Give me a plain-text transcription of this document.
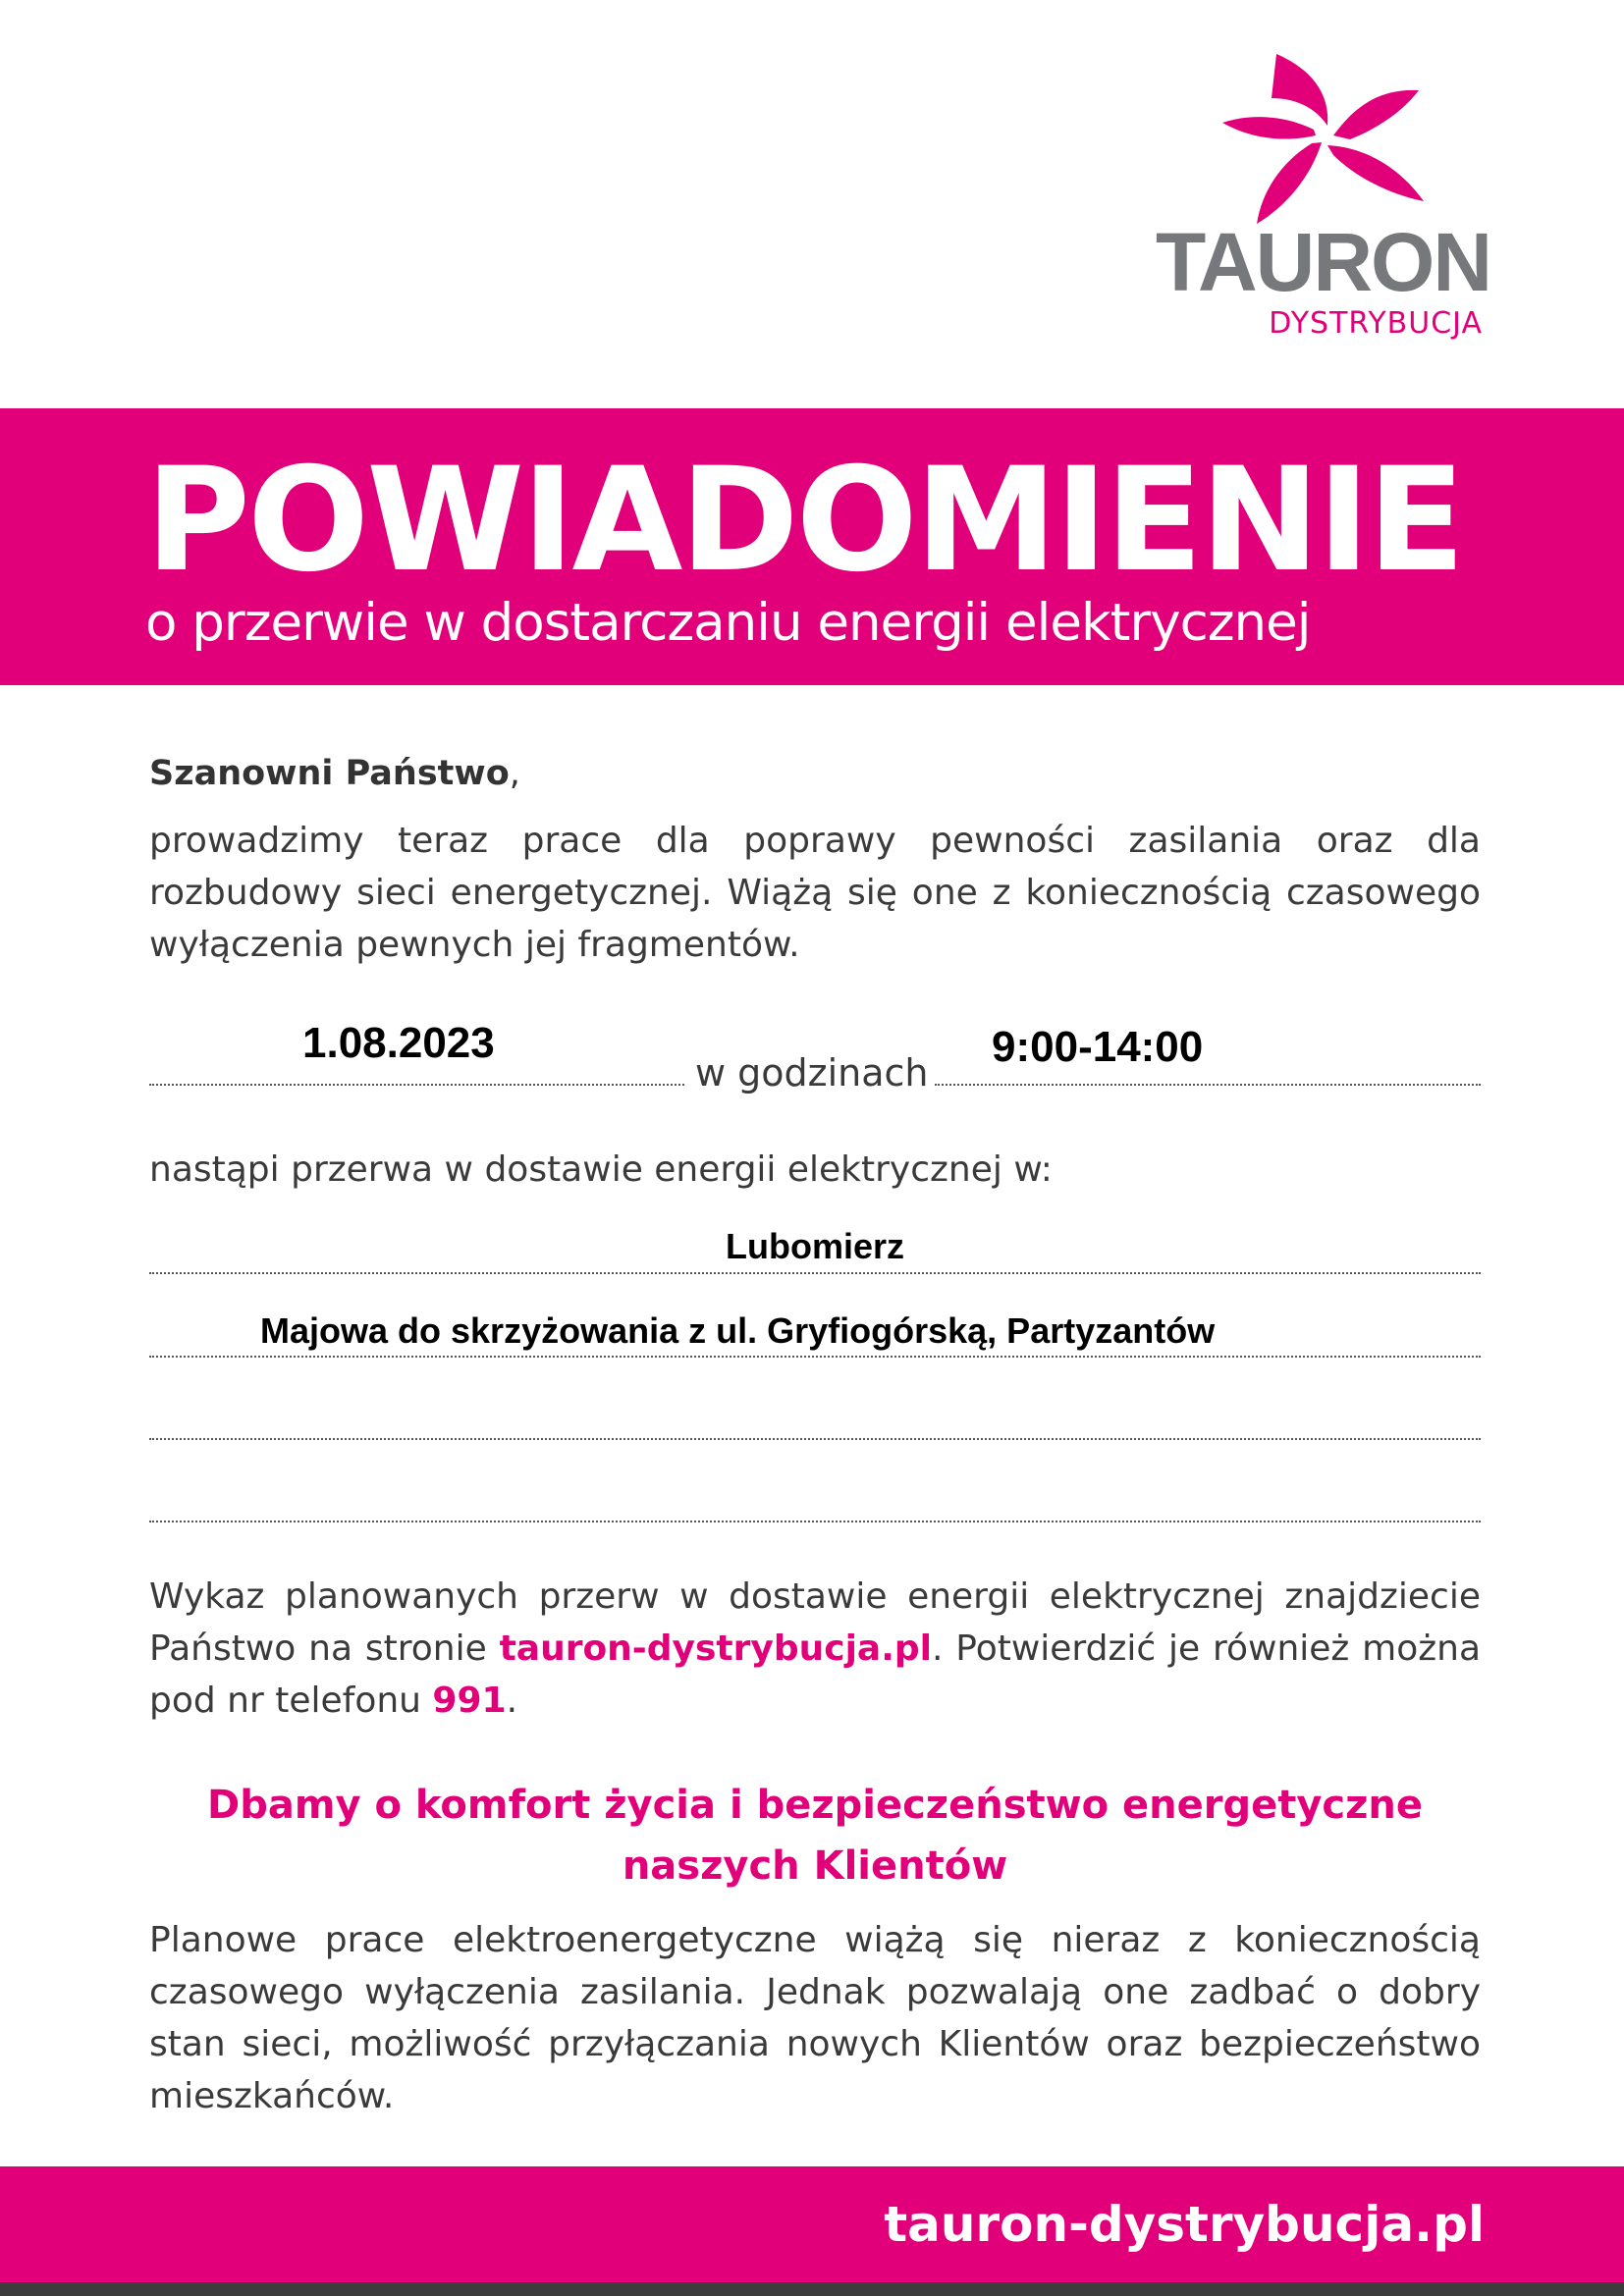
TAURON
DYSTRYBUCJA
POWIADOMIENIE
o przerwie w dostarczaniu energii elektrycznej
Szanowni Państwo,
prowadzimy teraz prace dla poprawy pewności zasilania oraz dla rozbudowy sieci energetycznej. Wiążą się one z koniecznością czasowego wyłączenia pewnych jej fragmentów.
1.08.2023
w godzinach
9:00-14:00
nastąpi przerwa w dostawie energii elektrycznej w:
Lubomierz
Majowa do skrzyżowania z ul. Gryfiogórską, Partyzantów
Wykaz planowanych przerw w dostawie energii elektrycznej znajdziecie Państwo na stronie tauron-dystrybucja.pl. Potwierdzić je również można pod nr telefonu 991.
Dbamy o komfort życia i bezpieczeństwo energetyczne
naszych Klientów
Planowe prace elektroenergetyczne wiążą się nieraz z koniecznością czasowego wyłączenia zasilania. Jednak pozwalają one zadbać o dobry stan sieci, możliwość przyłączania nowych Klientów oraz bezpieczeństwo mieszkańców.
tauron-dystrybucja.pl
